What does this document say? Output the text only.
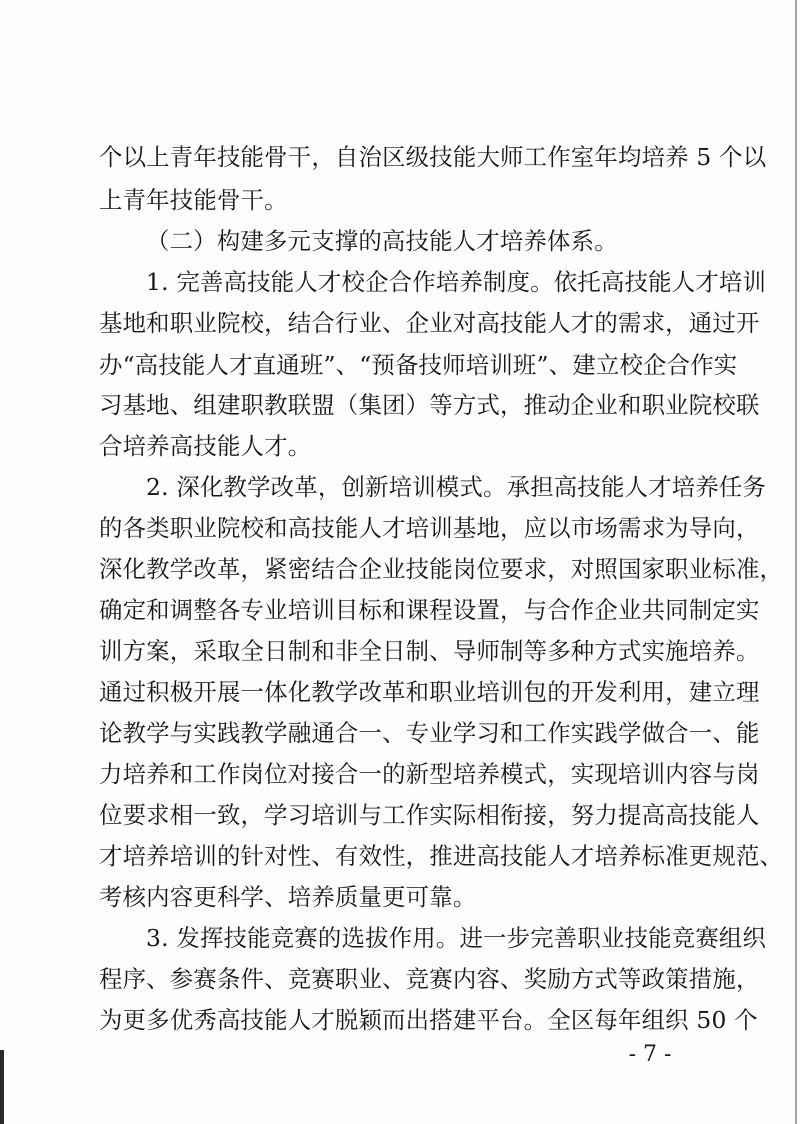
个以上青年技能骨干，自治区级技能大师工作室年均培养 5 个以
上青年技能骨干。
（二）构建多元支撑的高技能人才培养体系。
1. 完善高技能人才校企合作培养制度。依托高技能人才培训
基地和职业院校，结合行业、企业对高技能人才的需求，通过开
办“高技能人才直通班”、“预备技师培训班”、建立校企合作实
习基地、组建职教联盟（集团）等方式，推动企业和职业院校联
合培养高技能人才。
2. 深化教学改革，创新培训模式。承担高技能人才培养任务
的各类职业院校和高技能人才培训基地，应以市场需求为导向，
深化教学改革，紧密结合企业技能岗位要求，对照国家职业标准，
确定和调整各专业培训目标和课程设置，与合作企业共同制定实
训方案，采取全日制和非全日制、导师制等多种方式实施培养。
通过积极开展一体化教学改革和职业培训包的开发利用，建立理
论教学与实践教学融通合一、专业学习和工作实践学做合一、能
力培养和工作岗位对接合一的新型培养模式，实现培训内容与岗
位要求相一致，学习培训与工作实际相衔接，努力提高高技能人
才培养培训的针对性、有效性，推进高技能人才培养标准更规范、
考核内容更科学、培养质量更可靠。
3. 发挥技能竞赛的选拔作用。进一步完善职业技能竞赛组织
程序、参赛条件、竞赛职业、竞赛内容、奖励方式等政策措施，
为更多优秀高技能人才脱颖而出搭建平台。全区每年组织 50 个
- 7 -
